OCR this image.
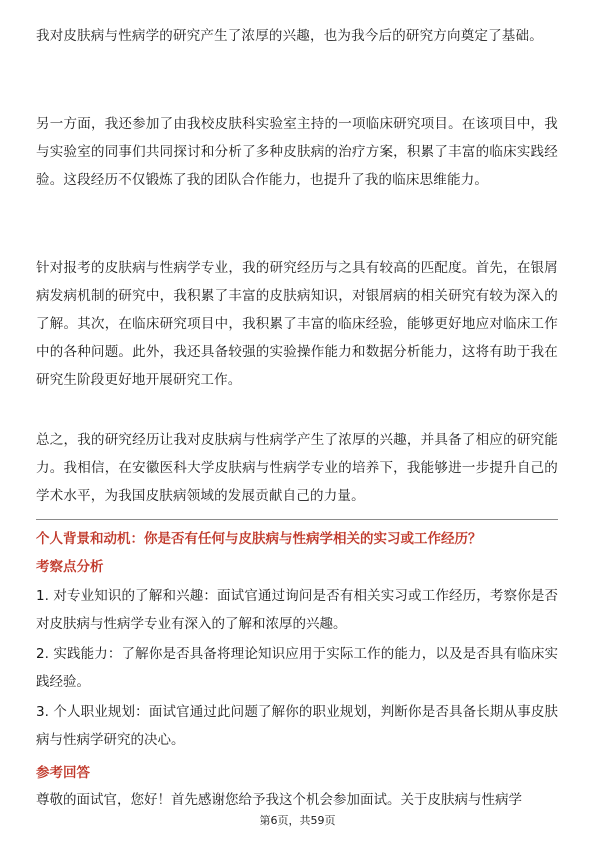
我对皮肤病与性病学的研究产生了浓厚的兴趣，也为我今后的研究方向奠定了基础。

另一方面，我还参加了由我校皮肤科实验室主持的一项临床研究项目。在该项目中，我与实验室的同事们共同探讨和分析了多种皮肤病的治疗方案，积累了丰富的临床实践经验。这段经历不仅锻炼了我的团队合作能力，也提升了我的临床思维能力。

针对报考的皮肤病与性病学专业，我的研究经历与之具有较高的匹配度。首先，在银屑病发病机制的研究中，我积累了丰富的皮肤病知识，对银屑病的相关研究有较为深入的了解。其次，在临床研究项目中，我积累了丰富的临床经验，能够更好地应对临床工作中的各种问题。此外，我还具备较强的实验操作能力和数据分析能力，这将有助于我在研究生阶段更好地开展研究工作。

总之，我的研究经历让我对皮肤病与性病学产生了浓厚的兴趣，并具备了相应的研究能力。我相信，在安徽医科大学皮肤病与性病学专业的培养下，我能够进一步提升自己的学术水平，为我国皮肤病领域的发展贡献自己的力量。

个人背景和动机：你是否有任何与皮肤病与性病学相关的实习或工作经历？

考察点分析

1. 对专业知识的了解和兴趣：面试官通过询问是否有相关实习或工作经历，考察你是否对皮肤病与性病学专业有深入的了解和浓厚的兴趣。

2. 实践能力：了解你是否具备将理论知识应用于实际工作的能力，以及是否具有临床实践经验。

3. 个人职业规划：面试官通过此问题了解你的职业规划，判断你是否具备长期从事皮肤病与性病学研究的决心。

参考回答

尊敬的面试官，您好！首先感谢您给予我这个机会参加面试。关于皮肤病与性病学

第6页，共59页
